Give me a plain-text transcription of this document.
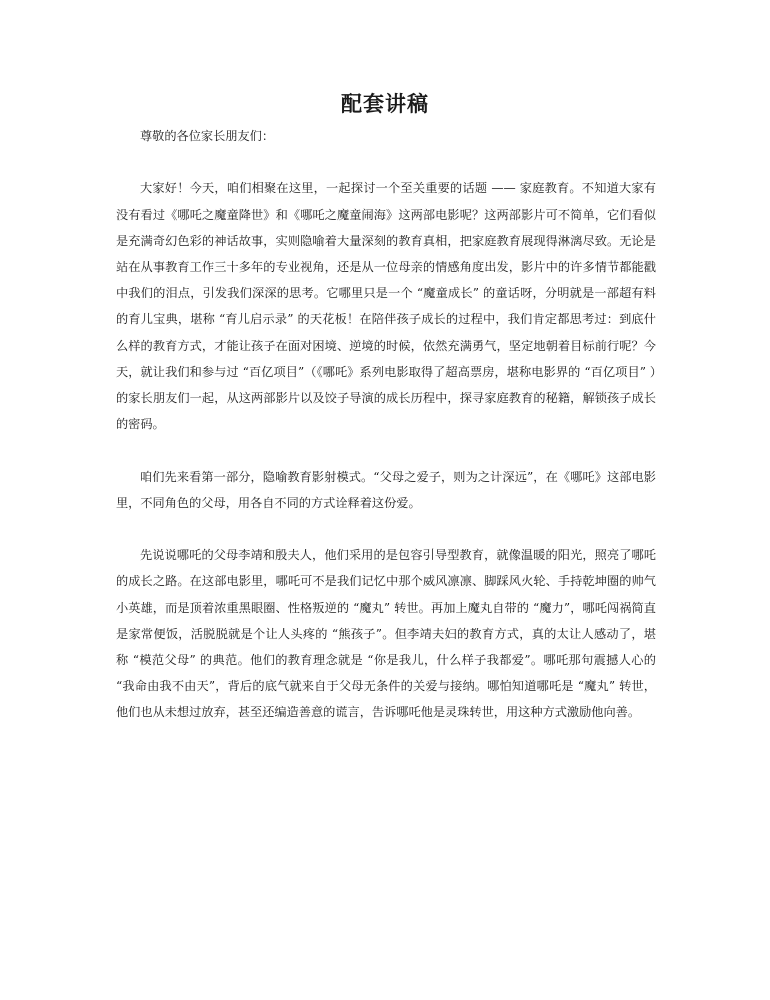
配套讲稿

尊敬的各位家长朋友们：

大家好！今天，咱们相聚在这里，一起探讨一个至关重要的话题 —— 家庭教育。不知道大家有没有看过《哪吒之魔童降世》和《哪吒之魔童闹海》这两部电影呢？这两部影片可不简单，它们看似是充满奇幻色彩的神话故事，实则隐喻着大量深刻的教育真相，把家庭教育展现得淋漓尽致。无论是站在从事教育工作三十多年的专业视角，还是从一位母亲的情感角度出发，影片中的许多情节都能戳中我们的泪点，引发我们深深的思考。它哪里只是一个 “魔童成长” 的童话呀，分明就是一部超有料的育儿宝典，堪称 “育儿启示录” 的天花板！在陪伴孩子成长的过程中，我们肯定都思考过：到底什么样的教育方式，才能让孩子在面对困境、逆境的时候，依然充满勇气，坚定地朝着目标前行呢？今天，就让我们和参与过 “百亿项目”（《哪吒》系列电影取得了超高票房，堪称电影界的 “百亿项目” ）的家长朋友们一起，从这两部影片以及饺子导演的成长历程中，探寻家庭教育的秘籍，解锁孩子成长的密码。

咱们先来看第一部分，隐喻教育影射模式。“父母之爱子，则为之计深远”，在《哪吒》这部电影里，不同角色的父母，用各自不同的方式诠释着这份爱。

先说说哪吒的父母李靖和殷夫人，他们采用的是包容引导型教育，就像温暖的阳光，照亮了哪吒的成长之路。在这部电影里，哪吒可不是我们记忆中那个威风凛凛、脚踩风火轮、手持乾坤圈的帅气小英雄，而是顶着浓重黑眼圈、性格叛逆的 “魔丸” 转世。再加上魔丸自带的 “魔力”，哪吒闯祸简直是家常便饭，活脱脱就是个让人头疼的 “熊孩子”。但李靖夫妇的教育方式，真的太让人感动了，堪称 “模范父母” 的典范。他们的教育理念就是 “你是我儿，什么样子我都爱”。哪吒那句震撼人心的 “我命由我不由天”，背后的底气就来自于父母无条件的关爱与接纳。哪怕知道哪吒是 “魔丸” 转世，他们也从未想过放弃，甚至还编造善意的谎言，告诉哪吒他是灵珠转世，用这种方式激励他向善。
